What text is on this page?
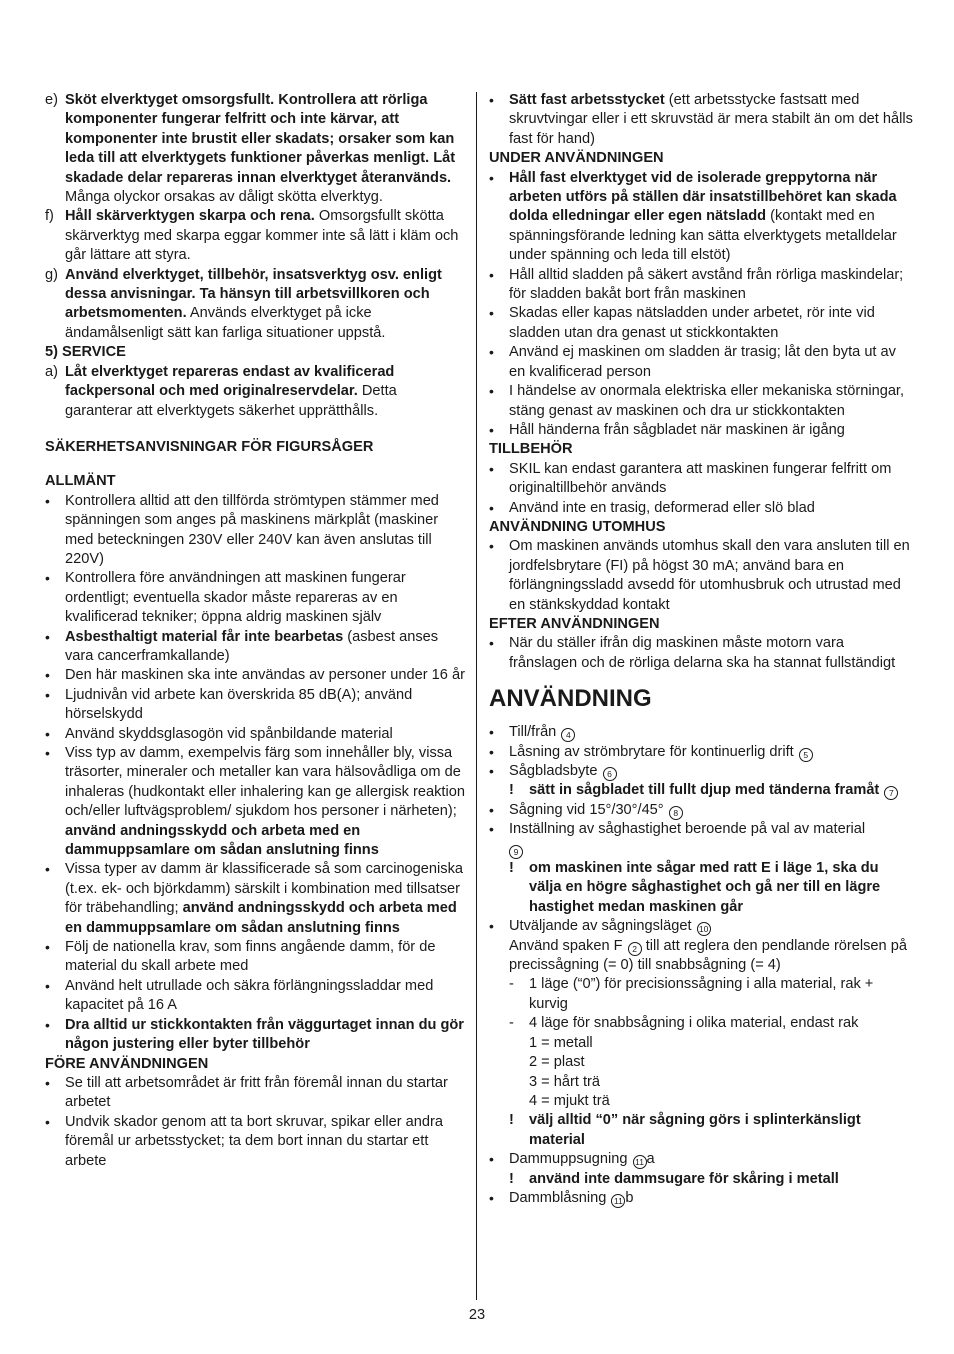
e) Sköt elverktyget omsorgsfullt. Kontrollera att rörliga komponenter fungerar felfritt och inte kärvar, att komponenter inte brustit eller skadats; orsaker som kan leda till att elverktygets funktioner påverkas menligt. Låt skadade delar repareras innan elverktyget återanvänds. Många olyckor orsakas av dåligt skötta elverktyg.
f) Håll skärverktygen skarpa och rena. Omsorgsfullt skötta skärverktyg med skarpa eggar kommer inte så lätt i kläm och går lättare att styra.
g) Använd elverktyget, tillbehör, insatsverktyg osv. enligt dessa anvisningar. Ta hänsyn till arbetsvillkoren och arbetsmomenten. Används elverktyget på icke ändamålsenligt sätt kan farliga situationer uppstå.
5) SERVICE
a) Låt elverktyget repareras endast av kvalificerad fackpersonal och med originalreservdelar. Detta garanterar att elverktygets säkerhet upprätthålls.
SÄKERHETSANVISNINGAR FÖR FIGURSÅGER
ALLMÄNT
•	Kontrollera alltid att den tillförda strömtypen stämmer med spänningen som anges på maskinens märkplåt (maskiner med beteckningen 230V eller 240V kan även anslutas till 220V)
•	Kontrollera före användningen att maskinen fungerar ordentligt; eventuella skador måste repareras av en kvalificerad tekniker; öppna aldrig maskinen själv
•	Asbesthaltigt material får inte bearbetas (asbest anses vara cancerframkallande)
•	Den här maskinen ska inte användas av personer under 16 år
•	Ljudnivån vid arbete kan överskrida 85 dB(A); använd hörselskydd
•	Använd skyddsglasogön vid spånbildande material
•	Viss typ av damm, exempelvis färg som innehåller bly, vissa träsorter, mineraler och metaller kan vara hälsovådliga om de inhaleras (hudkontakt eller inhalering kan ge allergisk reaktion och/eller luftvägsproblem/ sjukdom hos personer i närheten); använd andningsskydd och arbeta med en dammuppsamlare om sådan anslutning finns
•	Vissa typer av damm är klassificerade så som carcinogeniska (t.ex. ek- och björkdamm) särskilt i kombination med tillsatser för träbehandling; använd andningsskydd och arbeta med en dammuppsamlare om sådan anslutning finns
•	Följ de nationella krav, som finns angående damm, för de material du skall arbete med
•	Använd helt utrullade och säkra förlängningssladdar med kapacitet på 16 A
•	Dra alltid ur stickkontakten från väggurtaget innan du gör någon justering eller byter tillbehör
FÖRE ANVÄNDNINGEN
•	Se till att arbetsområdet är fritt från föremål innan du startar arbetet
•	Undvik skador genom att ta bort skruvar, spikar eller andra föremål ur arbetsstycket; ta dem bort innan du startar ett arbete
•	Sätt fast arbetsstycket (ett arbetsstycke fastsatt med skruvtvingar eller i ett skruvstäd är mera stabilt än om det hålls fast för hand)
UNDER ANVÄNDNINGEN
•	Håll fast elverktyget vid de isolerade greppytorna när arbeten utförs på ställen där insatstillbehöret kan skada dolda elledningar eller egen nätsladd (kontakt med en spänningsförande ledning kan sätta elverktygets metalldelar under spänning och leda till elstöt)
•	Håll alltid sladden på säkert avstånd från rörliga maskindelar; för sladden bakåt bort från maskinen
•	Skadas eller kapas nätsladden under arbetet, rör inte vid sladden utan dra genast ut stickkontakten
•	Använd ej maskinen om sladden är trasig; låt den byta ut av en kvalificerad person
•	I händelse av onormala elektriska eller mekaniska störningar, stäng genast av maskinen och dra ur stickkontakten
•	Håll händerna från sågbladet när maskinen är igång
TILLBEHÖR
•	SKIL kan endast garantera att maskinen fungerar felfritt om originaltillbehör används
•	Använd inte en trasig, deformerad eller slö blad
ANVÄNDNING UTOMHUS
•	Om maskinen används utomhus skall den vara ansluten till en jordfelsbrytare (FI) på högst 30 mA; använd bara en förlängningssladd avsedd för utomhusbruk och utrustad med en stänkskyddad kontakt
EFTER ANVÄNDNINGEN
•	När du ställer ifrån dig maskinen måste motorn vara frånslagen och de rörliga delarna ska ha stannat fullständigt
ANVÄNDNING
•	Till/från 4
•	Låsning av strömbrytare för kontinuerlig drift 5
•	Sågbladsbyte 6
!	sätt in sågbladet till fullt djup med tänderna framåt 7
•	Sågning vid 15°/30°/45° 8
•	Inställning av såghastighet beroende på val av material
9
!	om maskinen inte sågar med ratt E i läge 1, ska du välja en högre såghastighet och gå ner till en lägre hastighet medan maskinen går
•	Utväljande av sågningsläget 10
Använd spaken F 2 till att reglera den pendlande rörelsen på precissågning (= 0) till snabbsågning (= 4)
-	1 läge (“0”) för precisionssågning i alla material, rak + kurvig
-	4 läge för snabbsågning i olika material, endast rak
1 = metall
2 = plast
3 = hårt trä
4 = mjukt trä
!	välj alltid “0” när sågning görs i splinterkänsligt material
•	Dammuppsugning 11 a
!	använd inte dammsugare för skåring i metall
•	Dammblåsning 11 b
23
